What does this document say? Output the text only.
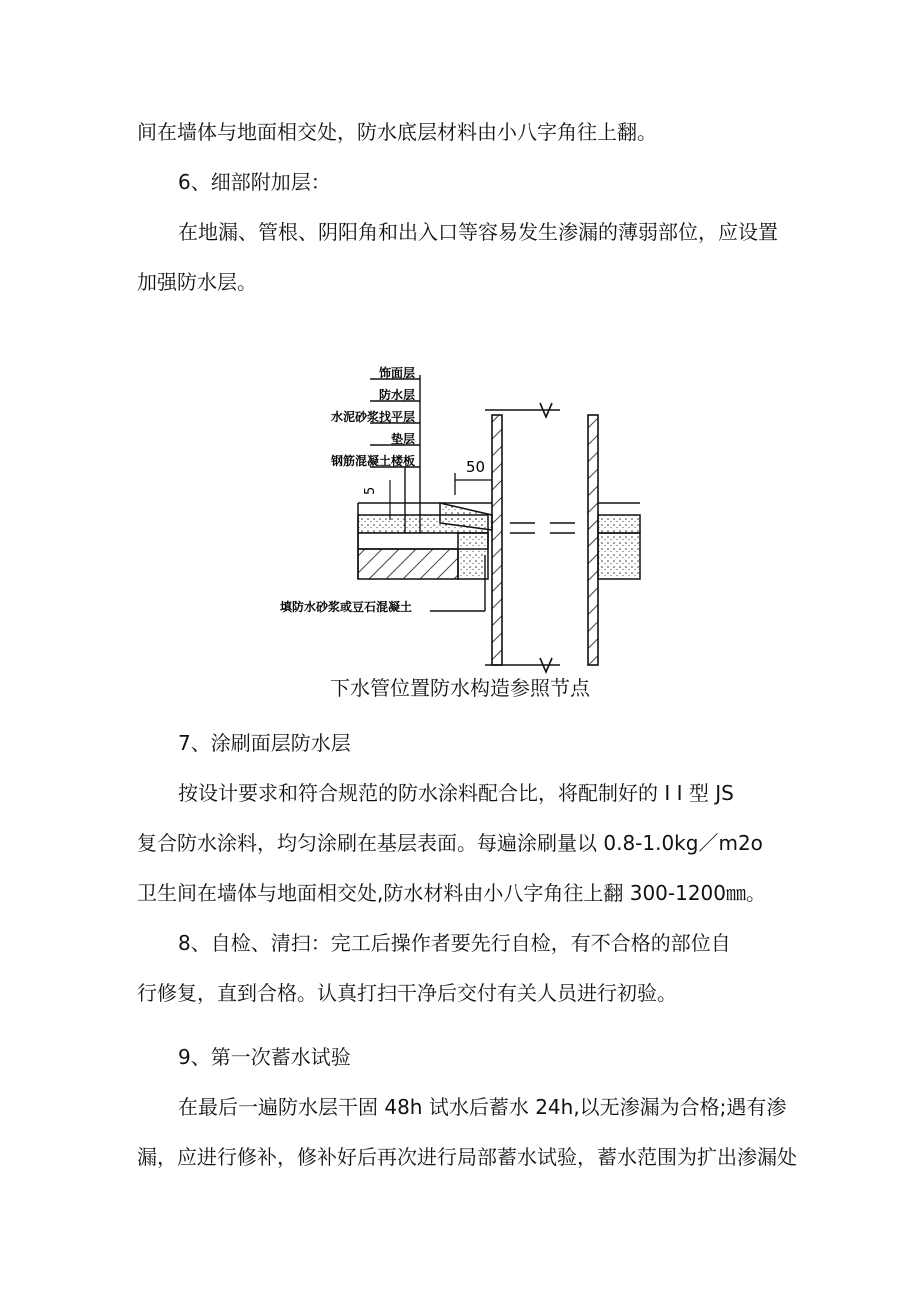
间在墙体与地面相交处，防水底层材料由小八字角往上翻。
6、细部附加层：
在地漏、管根、阴阳角和出入口等容易发生渗漏的薄弱部位，应设置
加强防水层。
饰面层
防水层
水泥砂浆找平层
垫层
钢筋混凝土楼板	50
5
填防水砂浆或豆石混凝土
下水管位置防水构造参照节点
7、涂刷面层防水层
按设计要求和符合规范的防水涂料配合比，将配制好的 I I 型 JS
复合防水涂料，均匀涂刷在基层表面。每遍涂刷量以 0.8-1.0kg／m2o
卫生间在墙体与地面相交处,防水材料由小八字角往上翻 300-1200㎜。
8、自检、清扫：完工后操作者要先行自检，有不合格的部位自
行修复，直到合格。认真打扫干净后交付有关人员进行初验。
9、第一次蓄水试验
在最后一遍防水层干固 48h 试水后蓄水 24h,以无渗漏为合格;遇有渗
漏，应进行修补，修补好后再次进行局部蓄水试验，蓄水范围为扩出渗漏处
